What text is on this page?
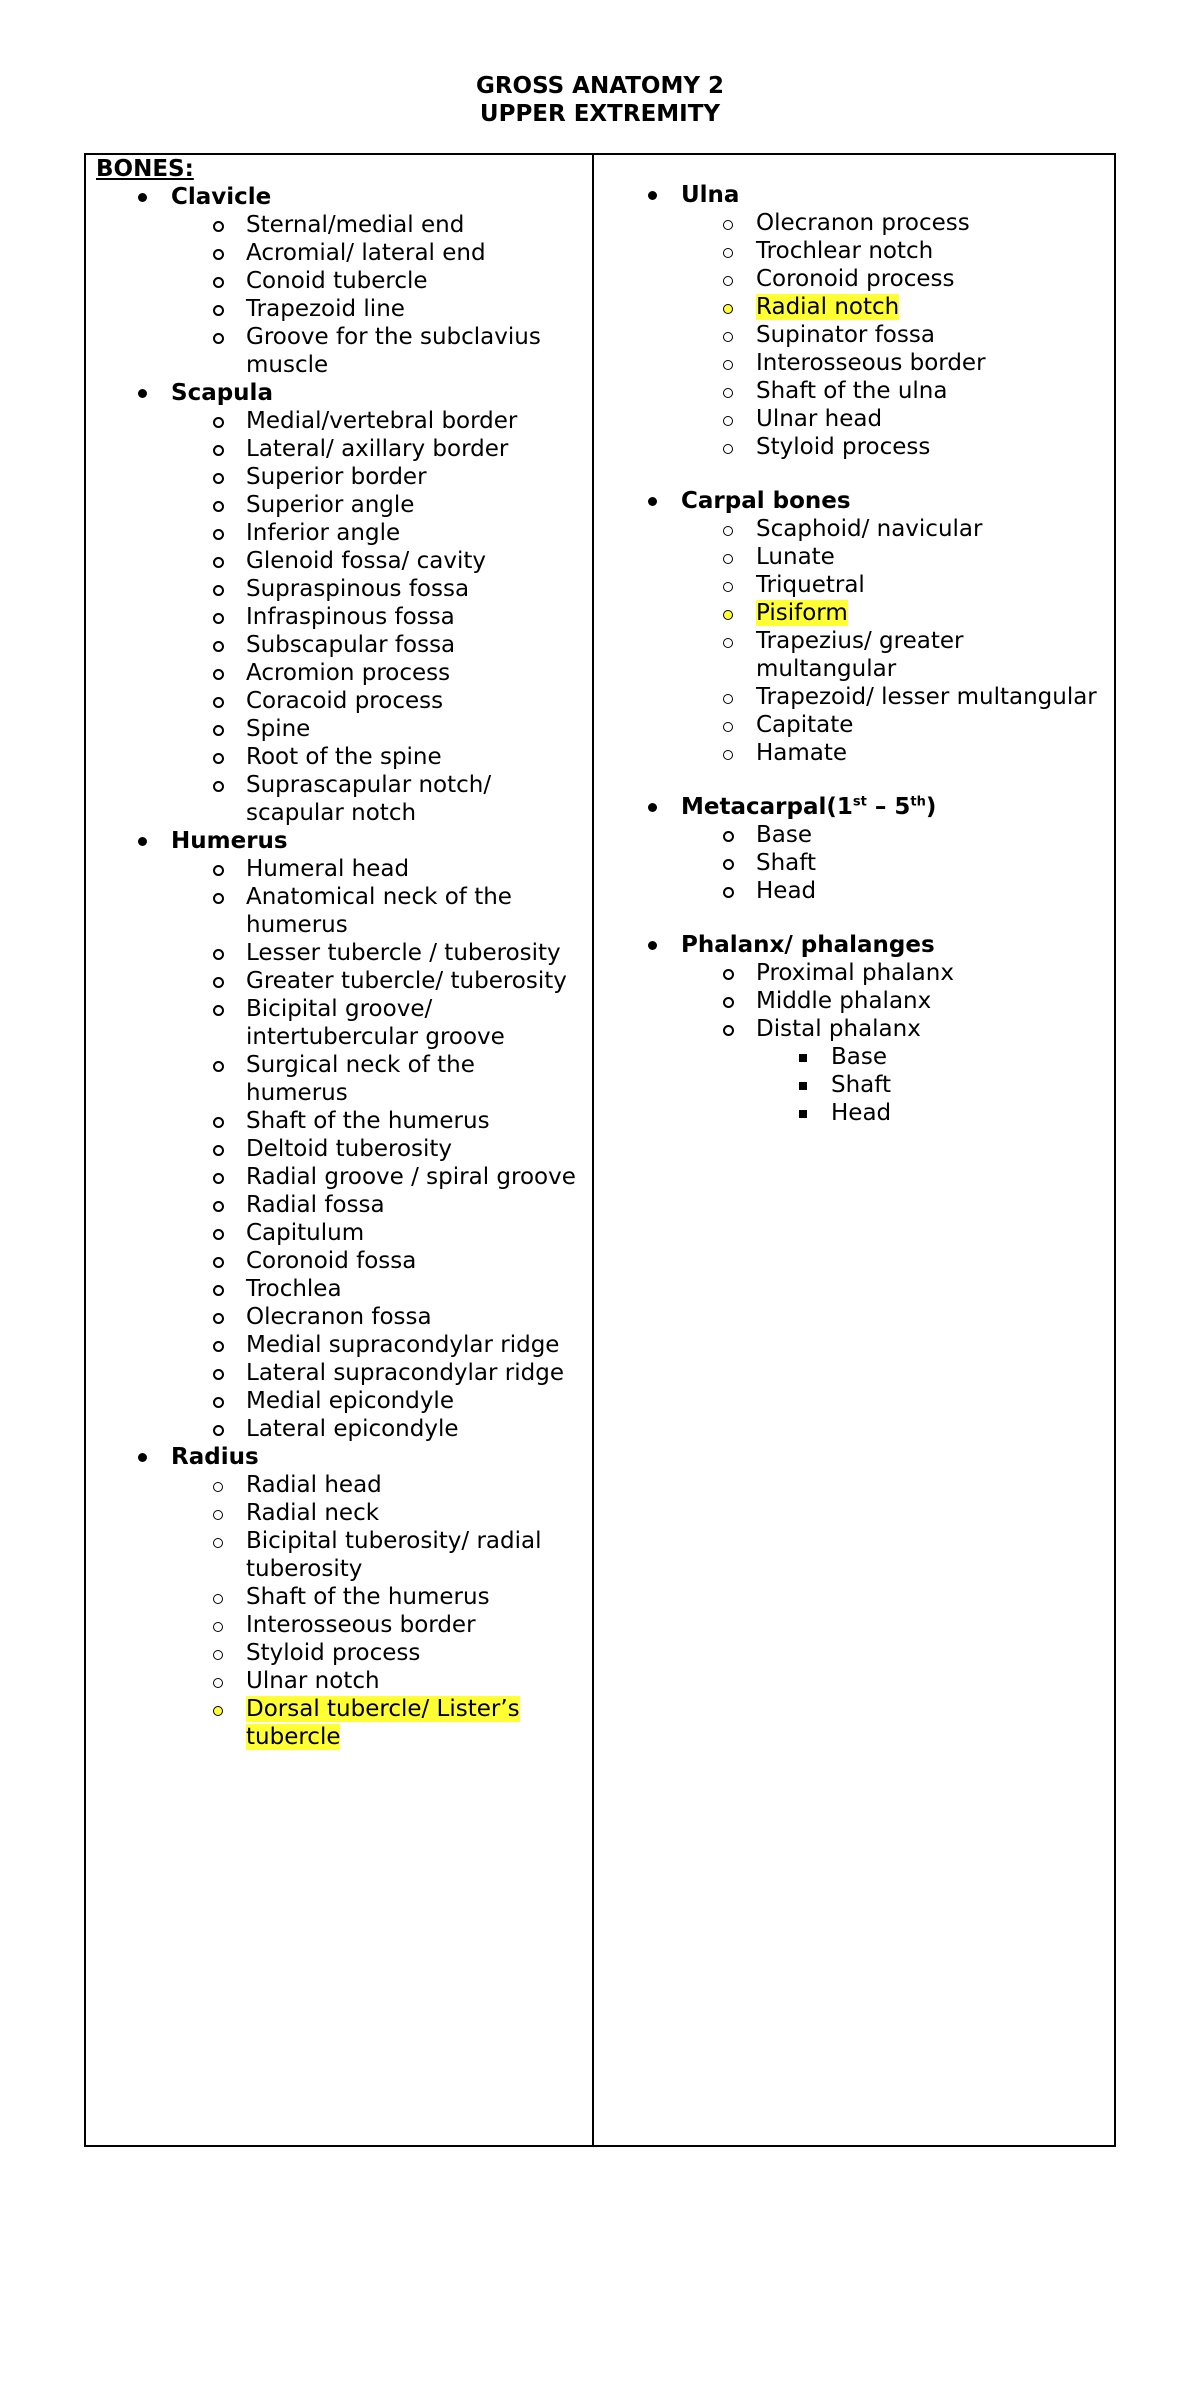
GROSS ANATOMY 2
UPPER EXTREMITY
BONES:
Clavicle
Sternal/medial end
Acromial/ lateral end
Conoid tubercle
Trapezoid line
Groove for the subclavius
muscle
Scapula
Medial/vertebral border
Lateral/ axillary border
Superior border
Superior angle
Inferior angle
Glenoid fossa/ cavity
Supraspinous fossa
Infraspinous fossa
Subscapular fossa
Acromion process
Coracoid process
Spine
Root of the spine
Suprascapular notch/
scapular notch
Humerus
Humeral head
Anatomical neck of the
humerus
Lesser tubercle / tuberosity
Greater tubercle/ tuberosity
Bicipital groove/
intertubercular groove
Surgical neck of the
humerus
Shaft of the humerus
Deltoid tuberosity
Radial groove / spiral groove
Radial fossa
Capitulum
Coronoid fossa
Trochlea
Olecranon fossa
Medial supracondylar ridge
Lateral supracondylar ridge
Medial epicondyle
Lateral epicondyle
Radius
Radial head
Radial neck
Bicipital tuberosity/ radial
tuberosity
Shaft of the humerus
Interosseous border
Styloid process
Ulnar notch
Dorsal tubercle/ Lister’s
tubercle
Ulna
Olecranon process
Trochlear notch
Coronoid process
Radial notch
Supinator fossa
Interosseous border
Shaft of the ulna
Ulnar head
Styloid process
Carpal bones
Scaphoid/ navicular
Lunate
Triquetral
Pisiform
Trapezius/ greater
multangular
Trapezoid/ lesser multangular
Capitate
Hamate
Metacarpal(1st – 5th)
Base
Shaft
Head
Phalanx/ phalanges
Proximal phalanx
Middle phalanx
Distal phalanx
Base
Shaft
Head
